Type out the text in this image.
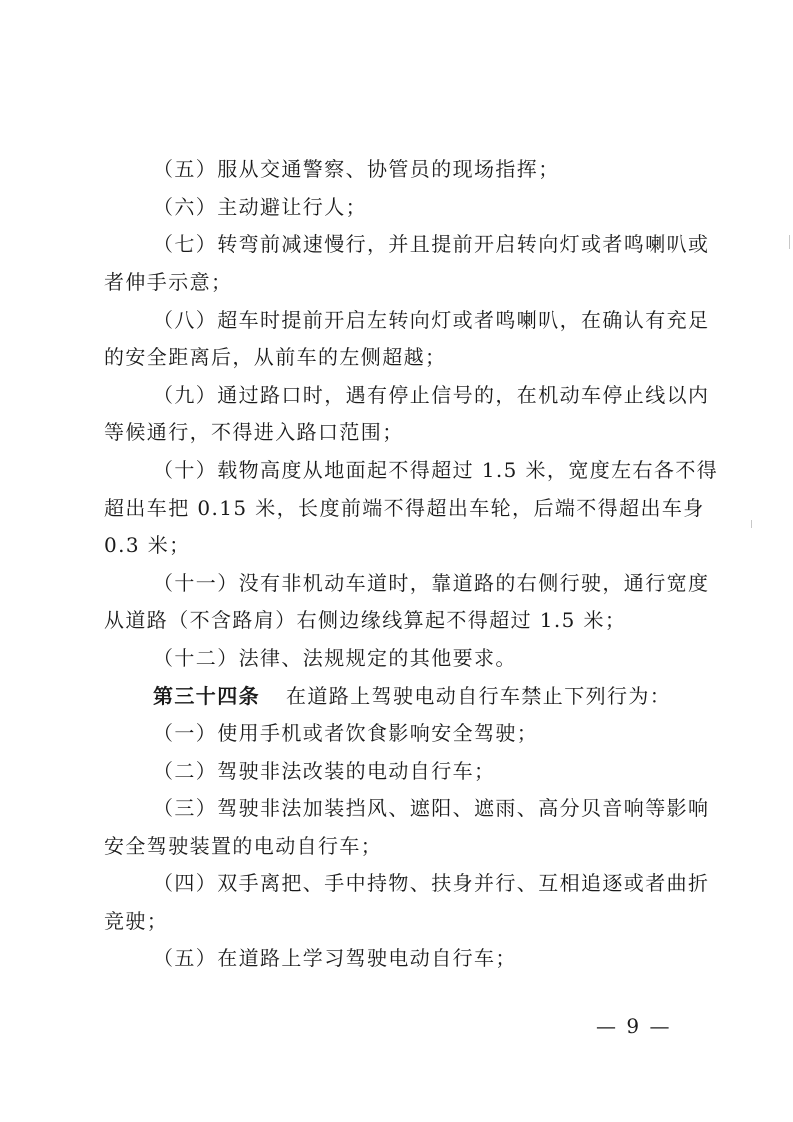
（五）服从交通警察、协管员的现场指挥；
（六）主动避让行人；
（七）转弯前减速慢行，并且提前开启转向灯或者鸣喇叭或
者伸手示意；
（八）超车时提前开启左转向灯或者鸣喇叭，在确认有充足
的安全距离后，从前车的左侧超越；
（九）通过路口时，遇有停止信号的，在机动车停止线以内
等候通行，不得进入路口范围；
（十）载物高度从地面起不得超过 1.5 米，宽度左右各不得
超出车把 0.15 米，长度前端不得超出车轮，后端不得超出车身
0.3 米；
（十一）没有非机动车道时，靠道路的右侧行驶，通行宽度
从道路（不含路肩）右侧边缘线算起不得超过 1.5 米；
（十二）法律、法规规定的其他要求。
第三十四条 在道路上驾驶电动自行车禁止下列行为：
（一）使用手机或者饮食影响安全驾驶；
（二）驾驶非法改装的电动自行车；
（三）驾驶非法加装挡风、遮阳、遮雨、高分贝音响等影响
安全驾驶装置的电动自行车；
（四）双手离把、手中持物、扶身并行、互相追逐或者曲折
竞驶；
（五）在道路上学习驾驶电动自行车；
— 9 —
